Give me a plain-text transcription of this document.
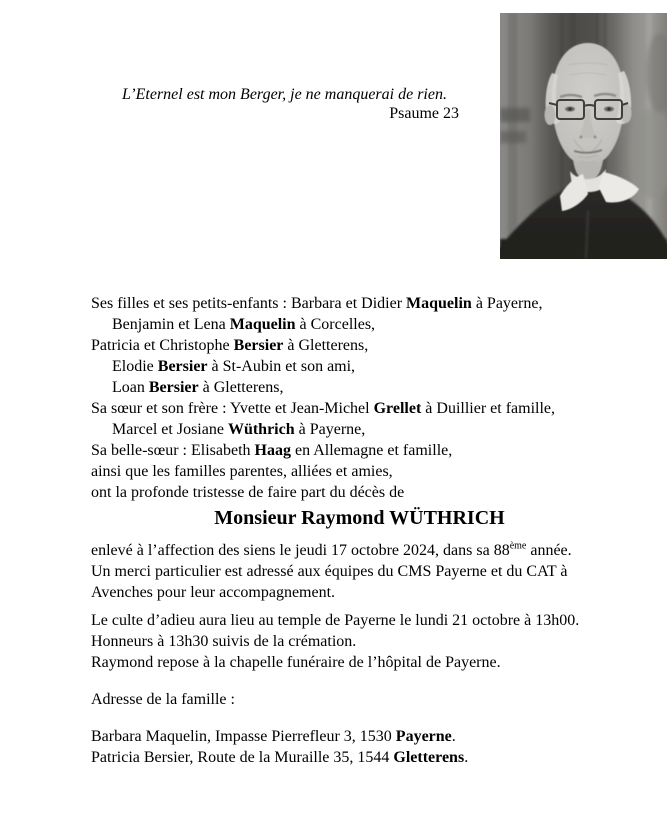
L’Eternel est mon Berger, je ne manquerai de rien.
Psaume 23
Ses filles et ses petits-enfants : Barbara et Didier Maquelin à Payerne,
Benjamin et Lena Maquelin à Corcelles,
Patricia et Christophe Bersier à Gletterens,
Elodie Bersier à St-Aubin et son ami,
Loan Bersier à Gletterens,
Sa sœur et son frère : Yvette et Jean-Michel Grellet à Duillier et famille,
Marcel et Josiane Wüthrich à Payerne,
Sa belle-sœur : Elisabeth Haag en Allemagne et famille,
ainsi que les familles parentes, alliées et amies,
ont la profonde tristesse de faire part du décès de
Monsieur Raymond WÜTHRICH
enlevé à l’affection des siens le jeudi 17 octobre 2024, dans sa 88ème année.
Un merci particulier est adressé aux équipes du CMS Payerne et du CAT à
Avenches pour leur accompagnement.
Le culte d’adieu aura lieu au temple de Payerne le lundi 21 octobre à 13h00.
Honneurs à 13h30 suivis de la crémation.
Raymond repose à la chapelle funéraire de l’hôpital de Payerne.
Adresse de la famille :
Barbara Maquelin, Impasse Pierrefleur 3, 1530 Payerne.
Patricia Bersier, Route de la Muraille 35, 1544 Gletterens.
